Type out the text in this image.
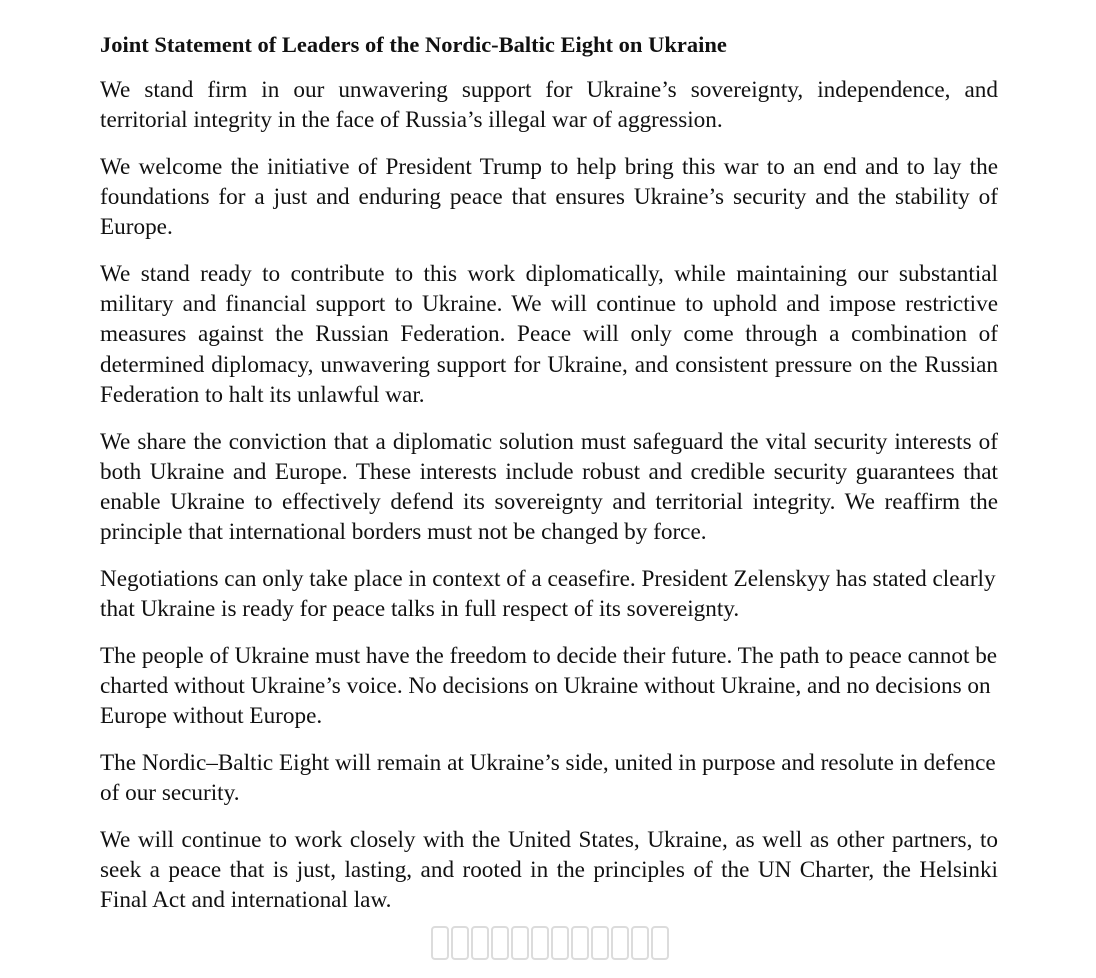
Joint Statement of Leaders of the Nordic-Baltic Eight on Ukraine

We stand firm in our unwavering support for Ukraine’s sovereignty, independence, and territorial integrity in the face of Russia’s illegal war of aggression.

We welcome the initiative of President Trump to help bring this war to an end and to lay the foundations for a just and enduring peace that ensures Ukraine’s security and the stability of Europe.

We stand ready to contribute to this work diplomatically, while maintaining our substantial military and financial support to Ukraine. We will continue to uphold and impose restrictive measures against the Russian Federation. Peace will only come through a combination of determined diplomacy, unwavering support for Ukraine, and consistent pressure on the Russian Federation to halt its unlawful war.

We share the conviction that a diplomatic solution must safeguard the vital security interests of both Ukraine and Europe. These interests include robust and credible security guarantees that enable Ukraine to effectively defend its sovereignty and territorial integrity. We reaffirm the principle that international borders must not be changed by force.

Negotiations can only take place in context of a ceasefire. President Zelenskyy has stated clearly that Ukraine is ready for peace talks in full respect of its sovereignty.

The people of Ukraine must have the freedom to decide their future. The path to peace cannot be charted without Ukraine’s voice. No decisions on Ukraine without Ukraine, and no decisions on Europe without Europe.

The Nordic–Baltic Eight will remain at Ukraine’s side, united in purpose and resolute in defence of our security.

We will continue to work closely with the United States, Ukraine, as well as other partners, to seek a peace that is just, lasting, and rooted in the principles of the UN Charter, the Helsinki Final Act and international law.
